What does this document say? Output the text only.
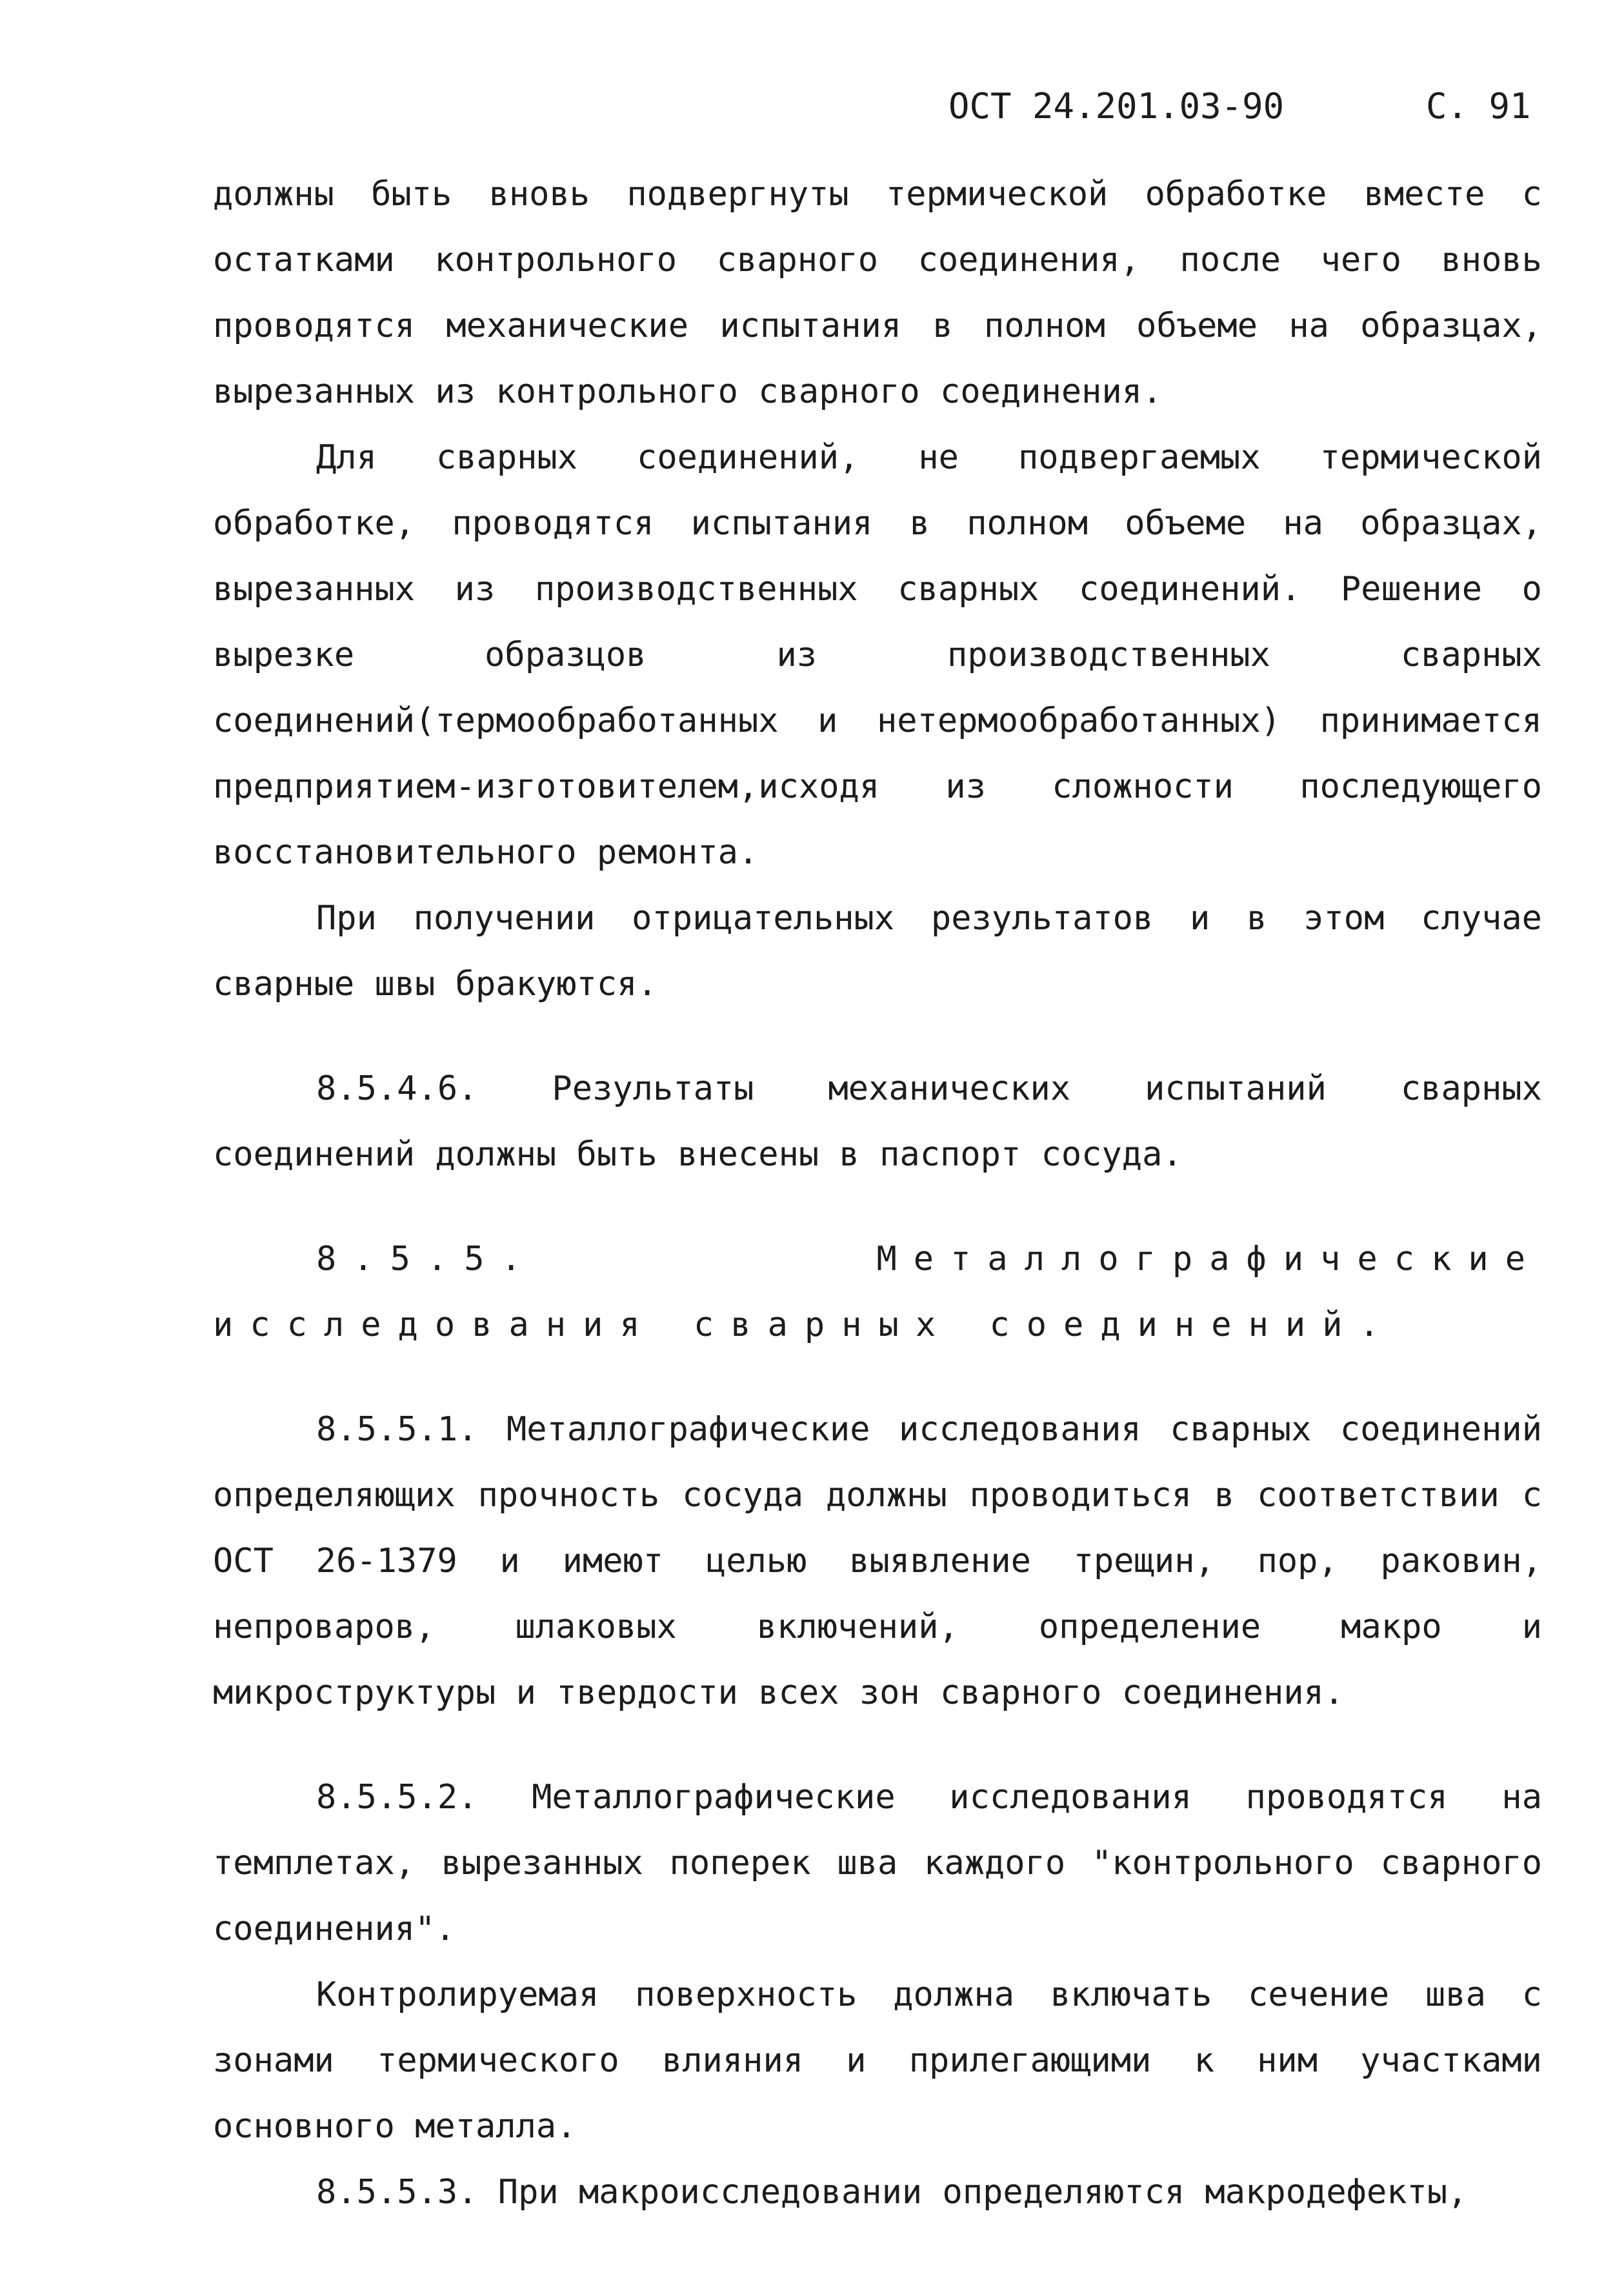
ОСТ 24.201.03-90	С. 91

должны быть вновь подвергнуты термической обработке вместе с остатками контрольного сварного соединения, после чего вновь проводятся механические испытания в полном объеме на образцах, вырезанных из контрольного сварного соединения.

Для сварных соединений, не подвергаемых термической обработке, проводятся испытания в полном объеме на образцах, вырезанных из производственных сварных соединений. Решение о вырезке образцов из производственных сварных соединений(термообработанных и нетермообработанных) принимается предприятием-изготовителем,исходя из сложности последующего восстановительного ремонта.

При получении отрицательных результатов и в этом случае сварные швы бракуются.

8.5.4.6. Результаты механических испытаний сварных соединений должны быть внесены в паспорт сосуда.

8.5.5. Металлографические исследования сварных соединений.

8.5.5.1. Металлографические исследования сварных соединений определяющих прочность сосуда должны проводиться в соответствии с ОСТ 26-1379 и имеют целью выявление трещин, пор, раковин, непроваров, шлаковых включений, определение макро и микроструктуры и твердости всех зон сварного соединения.

8.5.5.2. Металлографические исследования проводятся на темплетах, вырезанных поперек шва каждого "контрольного сварного соединения".

Контролируемая поверхность должна включать сечение шва с зонами термического влияния и прилегающими к ним участками основного металла.

8.5.5.3. При макроисследовании определяются макродефекты,
